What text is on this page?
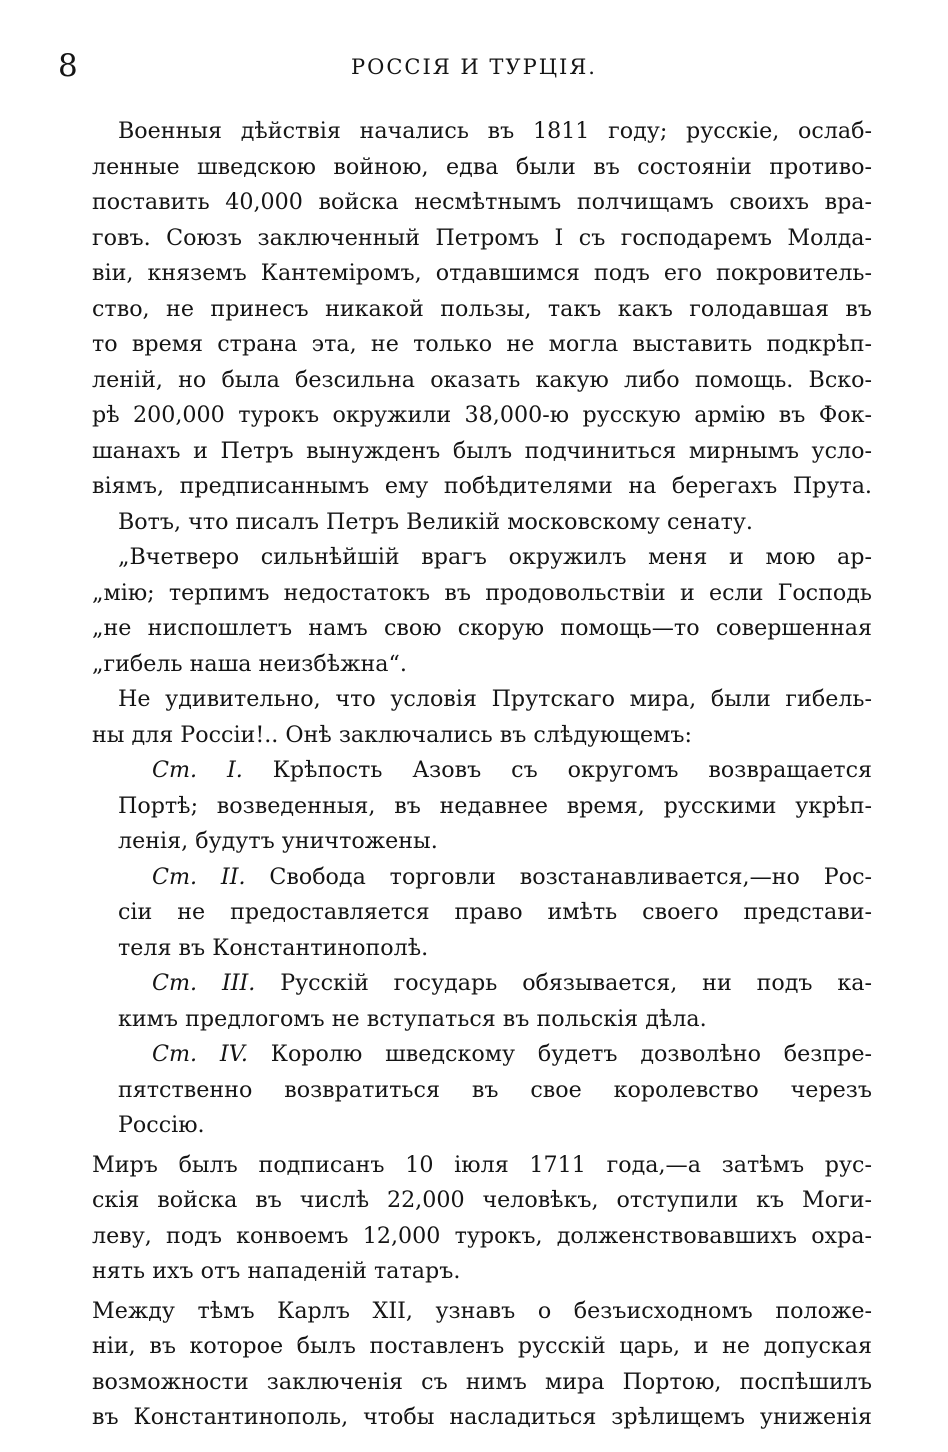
8	РОССIЯ И ТУРЦIЯ.
Военныя дѣйствiя начались въ 1811 году; русскiе, ослаб-
ленные шведскою войною, едва были въ состоянiи противо-
поставить 40,000 войска несмѣтнымъ полчищамъ своихъ вра-
говъ. Союзъ заключенный Петромъ I съ господаремъ Молда-
вiи, княземъ Кантемiромъ, отдавшимся подъ его покровитель-
ство, не принесъ никакой пользы, такъ какъ голодавшая въ
то время страна эта, не только не могла выставить подкрѣп-
ленiй, но была безсильна оказать какую либо помощь. Вско-
рѣ 200,000 турокъ окружили 38,000-ю русскую армiю въ Фок-
шанахъ и Петръ вынужденъ былъ подчиниться мирнымъ усло-
вiямъ, предписаннымъ ему побѣдителями на берегахъ Прута.
Вотъ, что писалъ Петръ Великiй московскому сенату.
„Вчетверо сильнѣйшiй врагъ окружилъ меня и мою ар-
„мiю; терпимъ недостатокъ въ продовольствiи и если Господь
„не ниспошлетъ намъ свою скорую помощь—то совершенная
„гибель наша неизбѣжна“.
Не удивительно, что условiя Прутскаго мира, были гибель-
ны для Россiи!.. Онѣ заключались въ слѣдующемъ:
Ст. I. Крѣпость Азовъ съ округомъ возвращается
Портѣ; возведенныя, въ недавнее время, русскими укрѣп-
ленiя, будутъ уничтожены.
Ст. II. Свобода торговли возстанавливается,—но Рос-
сiи не предоставляется право имѣть своего представи-
теля въ Константинополѣ.
Ст. III. Русскiй государь обязывается, ни подъ ка-
кимъ предлогомъ не вступаться въ польскiя дѣла.
Ст. IV. Королю шведскому будетъ дозволѣно безпре-
пятственно возвратиться въ свое королевство черезъ
Россiю.
Миръ былъ подписанъ 10 iюля 1711 года,—а затѣмъ рус-
скiя войска въ числѣ 22,000 человѣкъ, отступили къ Моги-
леву, подъ конвоемъ 12,000 турокъ, долженствовавшихъ охра-
нять ихъ отъ нападенiй татаръ.
Между тѣмъ Карлъ XII, узнавъ о безъисходномъ положе-
нiи, въ которое былъ поставленъ русскiй царь, и не допуская
возможности заключенiя съ нимъ мира Портою, поспѣшилъ
въ Константинополь, чтобы насладиться зрѣлищемъ униженiя
